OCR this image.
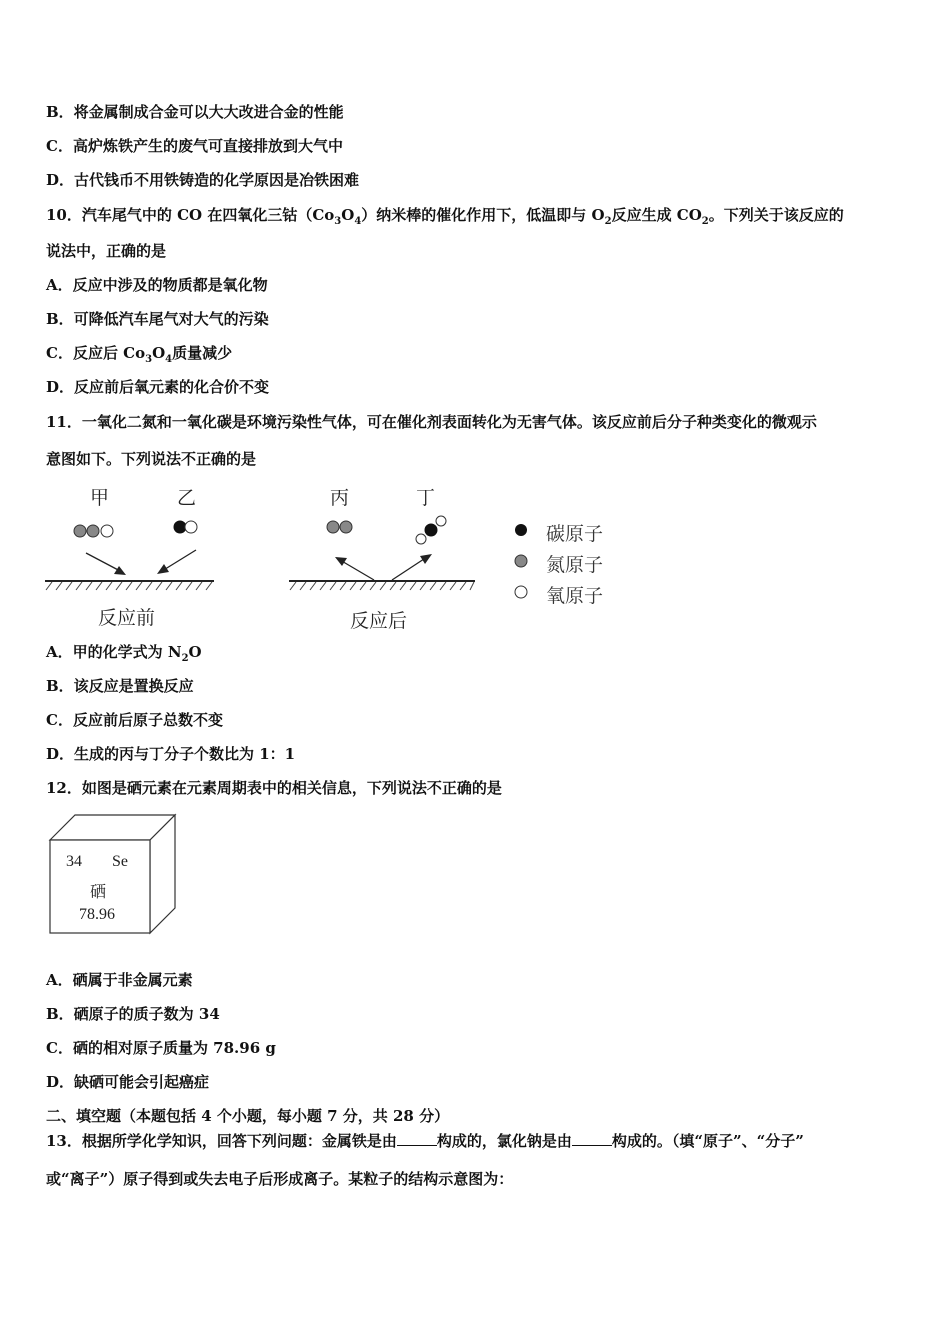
B．将金属制成合金可以大大改进合金的性能
C．高炉炼铁产生的废气可直接排放到大气中
D．古代钱币不用铁铸造的化学原因是冶铁困难
10．汽车尾气中的 CO 在四氧化三钴$(Co_3O_4)$纳米棒的催化作用下，低温即与 $O_2$反应生成 $CO_2$。下列关于该反应的
说法中，正确的是
A．反应中涉及的物质都是氧化物
B．可降低汽车尾气对大气的污染
C．反应后 $Co_3O_4$质量减少
D．反应前后氧元素的化合价不变
11．一氧化二氮和一氧化碳是环境污染性气体，可在催化剂表面转化为无害气体。该反应前后分子种类变化的微观示
意图如下。下列说法不正确的是
甲	乙	丙	丁
反应前	反应后
碳原子
氮原子
氧原子
A．甲的化学式为 $N_2O$
B．该反应是置换反应
C．反应前后原子总数不变
D．生成的丙与丁分子个数比为 1：1
12．如图是硒元素在元素周期表中的相关信息，下列说法不正确的是
34 Se
硒
78.96
A．硒属于非金属元素
B．硒原子的质子数为 34
C．硒的相对原子质量为 78.96 g
D．缺硒可能会引起癌症
二、填空题（本题包括 4 个小题，每小题 7 分，共 28 分）
13．根据所学化学知识，回答下列问题：金属铁是由	构成的，氯化钠是由	构成的。（填“原子”、“分子”
或“离子”）原子得到或失去电子后形成离子。某粒子的结构示意图为：
